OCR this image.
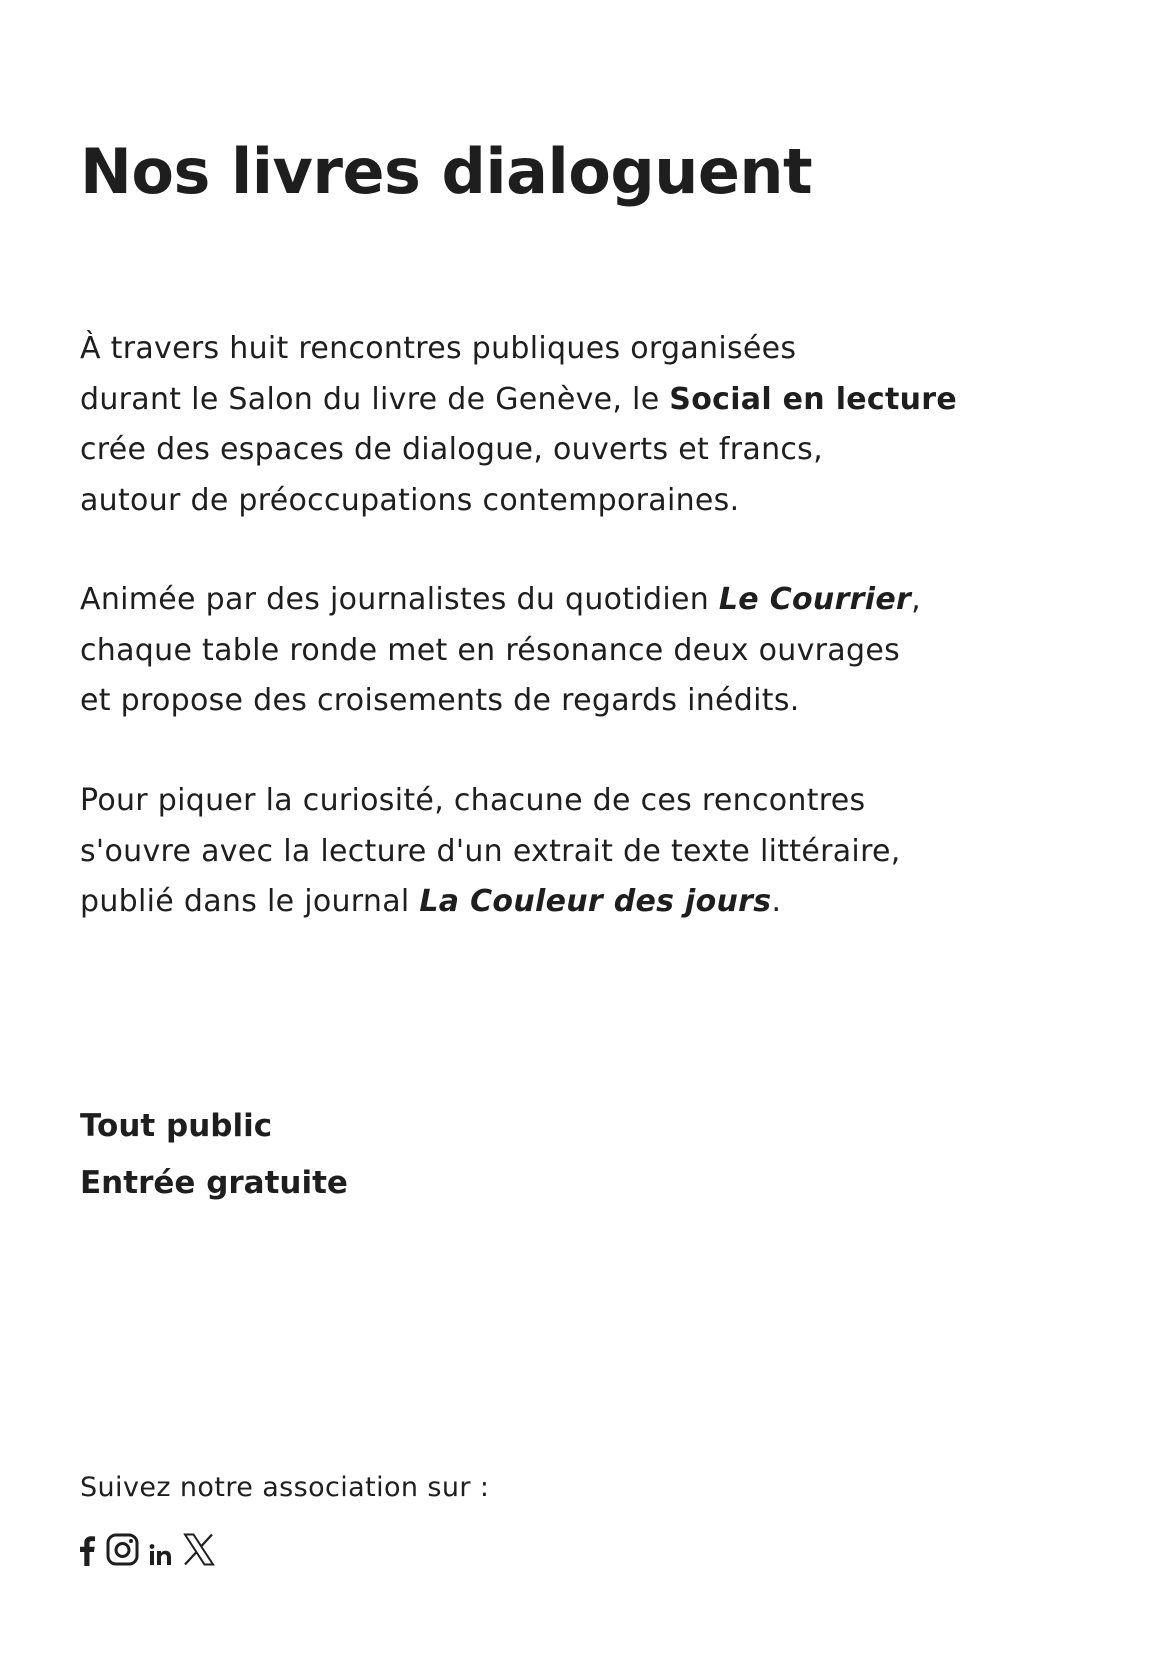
Nos livres dialoguent
À travers huit rencontres publiques organisées
durant le Salon du livre de Genève, le Social en lecture
crée des espaces de dialogue, ouverts et francs,
autour de préoccupations contemporaines.
Animée par des journalistes du quotidien Le Courrier,
chaque table ronde met en résonance deux ouvrages
et propose des croisements de regards inédits.
Pour piquer la curiosité, chacune de ces rencontres
s'ouvre avec la lecture d'un extrait de texte littéraire,
publié dans le journal La Couleur des jours.
Tout public
Entrée gratuite
Suivez notre association sur :
